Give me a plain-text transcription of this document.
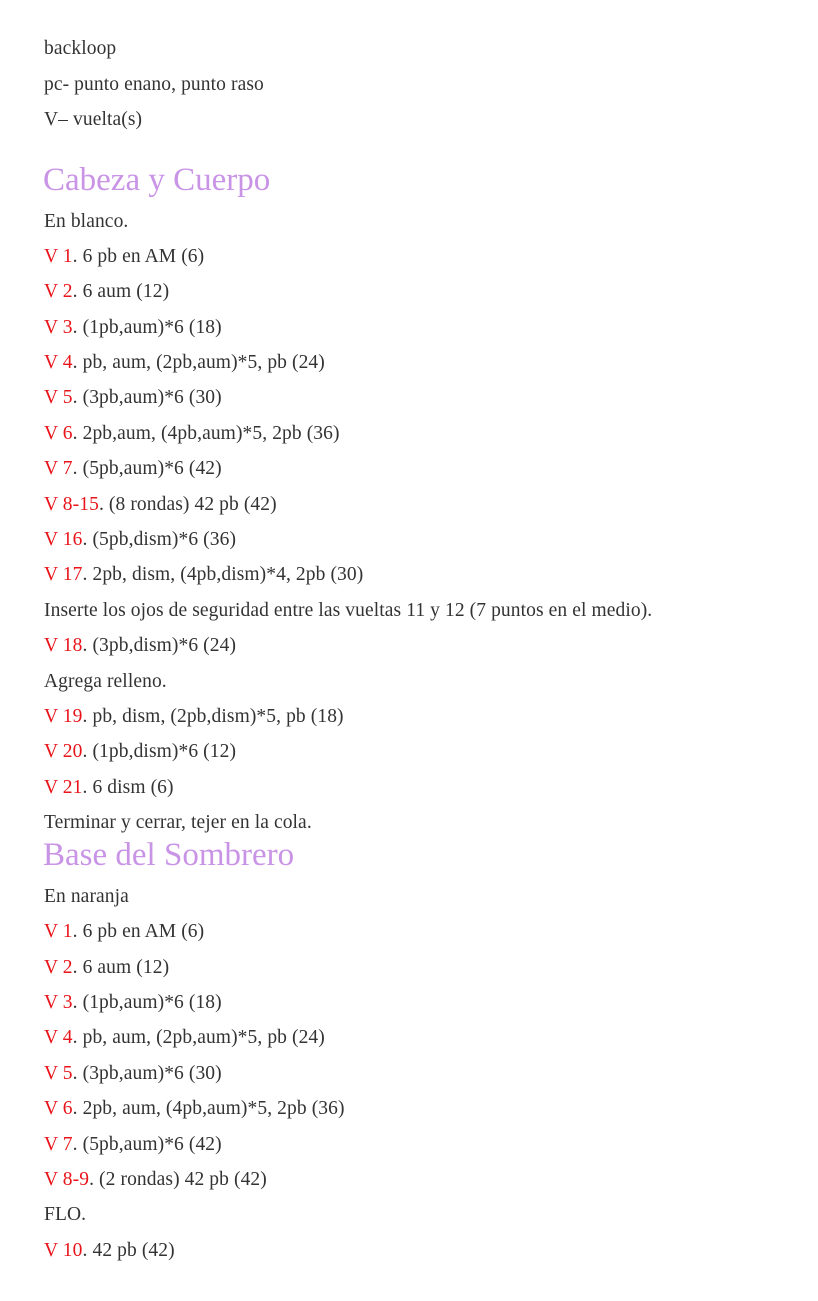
backloop
pc- punto enano, punto raso
V– vuelta(s)
Cabeza y Cuerpo
En blanco.
V 1. 6 pb en AM (6)
V 2. 6 aum (12)
V 3. (1pb,aum)*6 (18)
V 4. pb, aum, (2pb,aum)*5, pb (24)
V 5. (3pb,aum)*6 (30)
V 6. 2pb,aum, (4pb,aum)*5, 2pb (36)
V 7. (5pb,aum)*6 (42)
V 8-15. (8 rondas) 42 pb (42)
V 16. (5pb,dism)*6 (36)
V 17. 2pb, dism, (4pb,dism)*4, 2pb (30)
Inserte los ojos de seguridad entre las vueltas 11 y 12 (7 puntos en el medio).
V 18. (3pb,dism)*6 (24)
Agrega relleno.
V 19. pb, dism, (2pb,dism)*5, pb (18)
V 20. (1pb,dism)*6 (12)
V 21. 6 dism (6)
Terminar y cerrar, tejer en la cola.
Base del Sombrero
En naranja
V 1. 6 pb en AM (6)
V 2. 6 aum (12)
V 3. (1pb,aum)*6 (18)
V 4. pb, aum, (2pb,aum)*5, pb (24)
V 5. (3pb,aum)*6 (30)
V 6. 2pb, aum, (4pb,aum)*5, 2pb (36)
V 7. (5pb,aum)*6 (42)
V 8-9. (2 rondas) 42 pb (42)
FLO.
V 10. 42 pb (42)
